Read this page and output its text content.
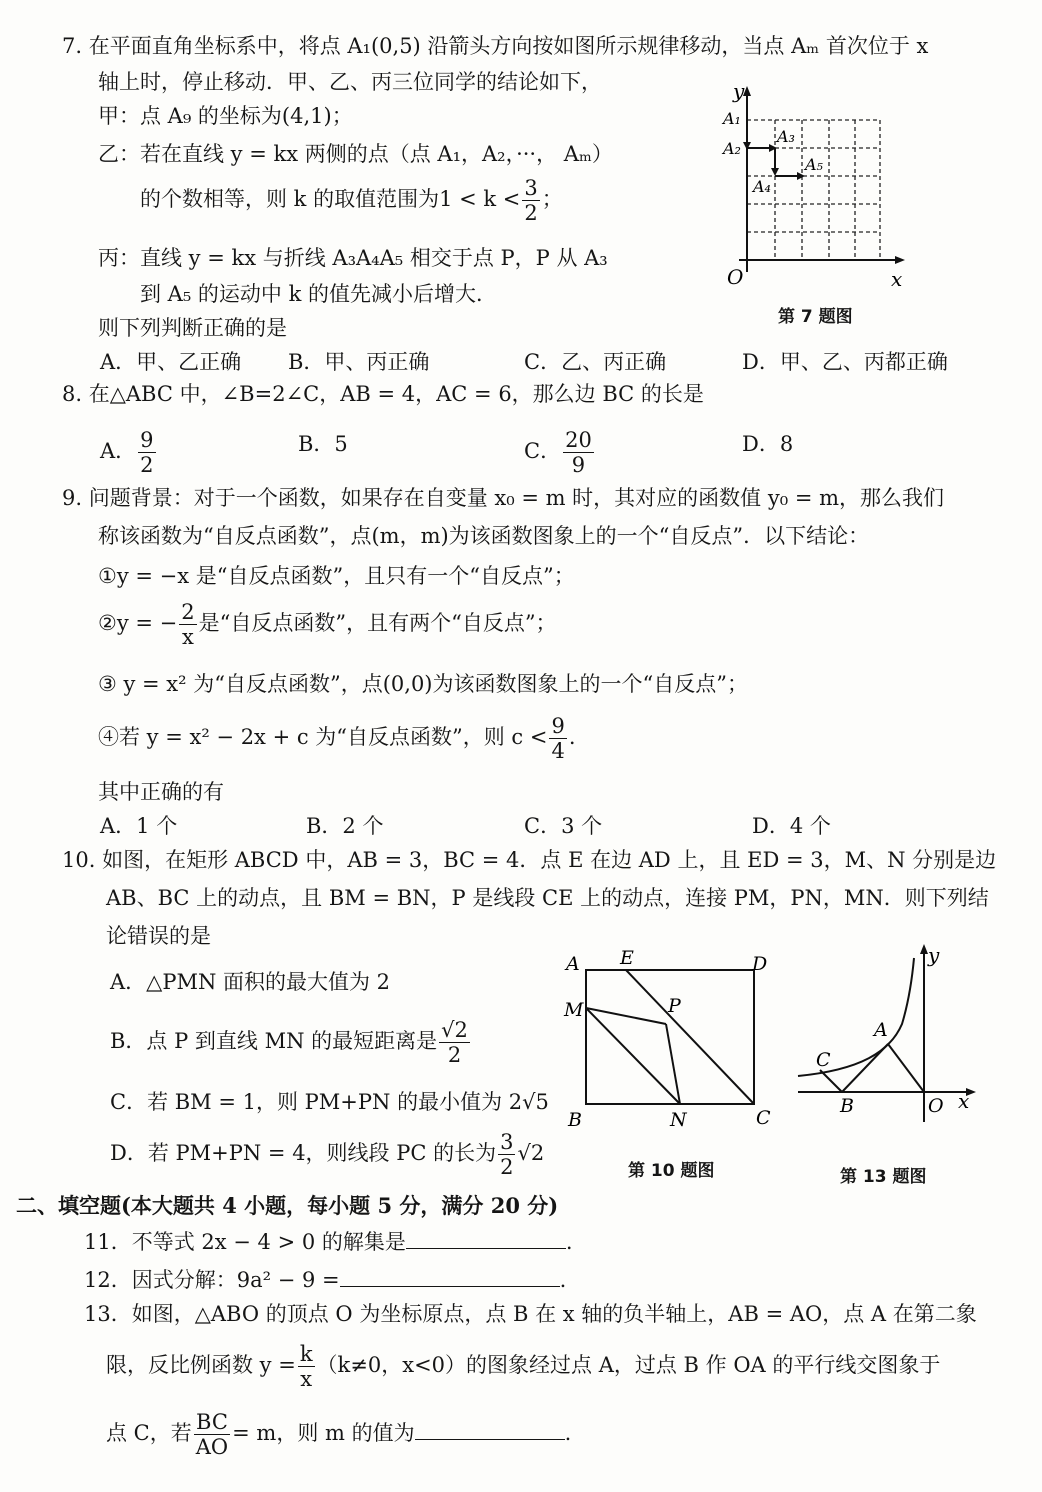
7. 在平面直角坐标系中，将点 A₁(0,5) 沿箭头方向按如图所示规律移动，当点 Aₘ 首次位于 x
轴上时，停止移动．甲、乙、丙三位同学的结论如下，
甲：点 A₉ 的坐标为(4,1)；
乙：若在直线 y = kx 两侧的点（点 A₁，A₂，···， Aₘ）
的个数相等，则 k 的取值范围为$1 < k < \frac{3}{2}$ ；
丙：直线 y = kx 与折线 A₃A₄A₅ 相交于点 P，P 从 A₃
到 A₅ 的运动中 k 的值先减小后增大．
则下列判断正确的是
A．甲、乙正确 B．甲、丙正确	C．乙、丙正确	D．甲、乙、丙都正确
y
x
O
A₁
A₂
A₃
A₄
A₅
第 7 题图
8. 在△ABC 中，∠B=2∠C，AB = 4，AC = 6，那么边 BC 的长是
A． $\frac{9}{2}$	B．5	C． $\frac{20}{9}$	D．8
9. 问题背景：对于一个函数，如果存在自变量 x₀ = m 时，其对应的函数值 y₀ = m，那么我们
称该函数为“自反点函数”，点(m，m)为该函数图象上的一个“自反点”．以下结论：
①y = −x 是“自反点函数”，且只有一个“自反点”；
②y = − $\frac{2}{x}$ 是“自反点函数”，且有两个“自反点”；
③ y = x² 为“自反点函数”，点(0,0)为该函数图象上的一个“自反点”；
④若 y = x² − 2x + c 为“自反点函数”，则 $c < \frac{9}{4}$ .
其中正确的有
A．1 个	B．2 个	C．3 个	D．4 个
10. 如图，在矩形 ABCD 中，AB = 3，BC = 4．点 E 在边 AD 上，且 ED = 3，M、N 分别是边
AB、BC 上的动点，且 BM = BN，P 是线段 CE 上的动点，连接 PM，PN，MN．则下列结
论错误的是
A．△PMN 面积的最大值为 2
B．点 P 到直线 MN 的最短距离是 $\frac{√2}{2}$
C．若 BM = 1，则 PM+PN 的最小值为 2√5
D．若 PM+PN = 4，则线段 PC 的长为 $\frac{3}{2} √2$
A E	D
M	P
B	N	C
第 10 题图
y
x
A
C
B	O
第 13 题图
二、填空题(本大题共 4 小题，每小题 5 分，满分 20 分)
11．不等式 2x − 4 > 0 的解集是	.
12．因式分解：9a² − 9 =	.
13．如图，△ABO 的顶点 O 为坐标原点，点 B 在 x 轴的负半轴上，AB = AO，点 A 在第二象
限，反比例函数 $y = \frac{k}{x} (k\ne 0$，x<0）的图象经过点 A，过点 B 作 OA 的平行线交图象于
点 C，若 $\frac{BC}{AO} = m$，则 m 的值为	.
